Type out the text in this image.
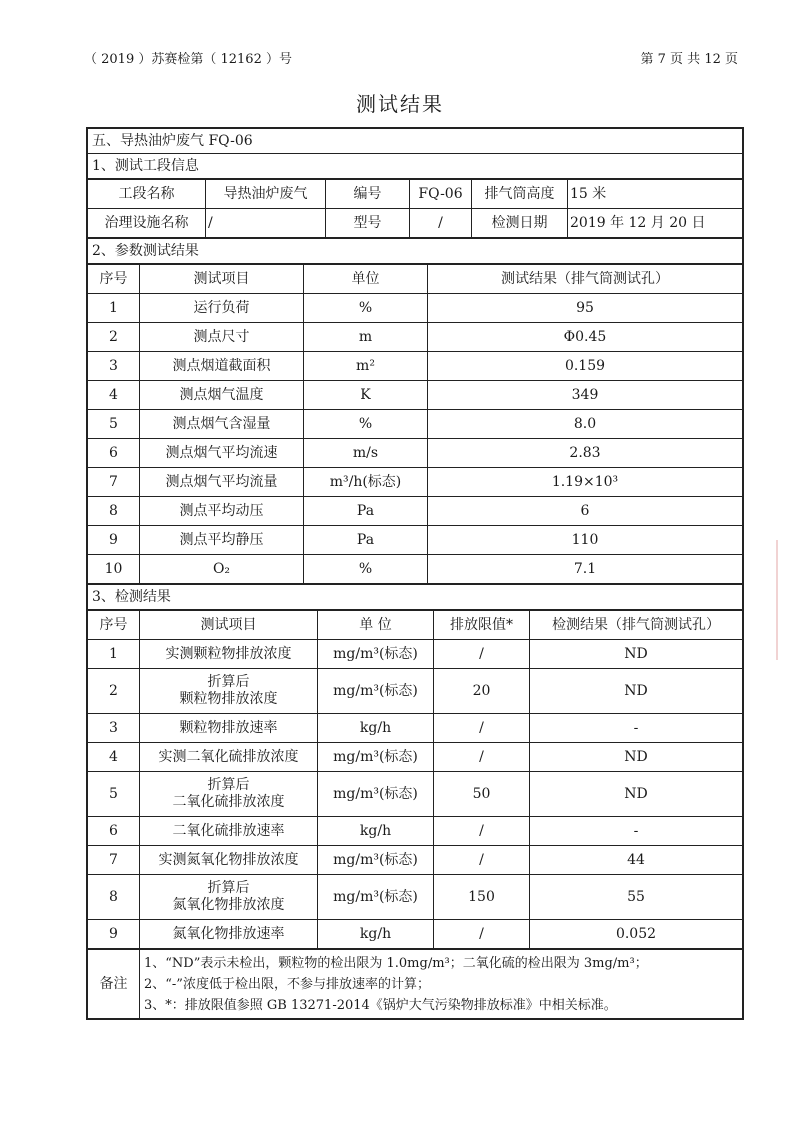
（ 2019 ）苏赛检第（ 12162 ）号	第 7 页 共 12 页
测试结果
五、导热油炉废气 FQ-06
1、测试工段信息
工段名称	导热油炉废气	编号	FQ-06	排气筒高度	15 米
治理设施名称	/	型号	/	检测日期	2019 年 12 月 20 日
2、参数测试结果
序号	测试项目	单位	测试结果（排气筒测试孔）
1	运行负荷	%	95
2	测点尺寸	m	Φ0.45
3	测点烟道截面积	m²	0.159
4	测点烟气温度	K	349
5	测点烟气含湿量	%	8.0
6	测点烟气平均流速	m/s	2.83
7	测点烟气平均流量	m³/h(标态)	1.19×10³
8	测点平均动压	Pa	6
9	测点平均静压	Pa	110
10	O₂	%	7.1
3、检测结果
序号	测试项目	单 位	排放限值*	检测结果（排气筒测试孔）
1	实测颗粒物排放浓度	mg/m³(标态)	/	ND
2	折算后
颗粒物排放浓度	mg/m³(标态)	20	ND
3	颗粒物排放速率	kg/h	/	-
4	实测二氧化硫排放浓度	mg/m³(标态)	/	ND
5	折算后
二氧化硫排放浓度	mg/m³(标态)	50	ND
6	二氧化硫排放速率	kg/h	/	-
7	实测氮氧化物排放浓度	mg/m³(标态)	/	44
8	折算后
氮氧化物排放浓度	mg/m³(标态)	150	55
9	氮氧化物排放速率	kg/h	/	0.052
备注	
1、“ND”表示未检出，颗粒物的检出限为 1.0mg/m³；二氧化硫的检出限为 3mg/m³；
2、“-”浓度低于检出限，不参与排放速率的计算；
3、*：排放限值参照 GB 13271-2014《锅炉大气污染物排放标准》中相关标准。
